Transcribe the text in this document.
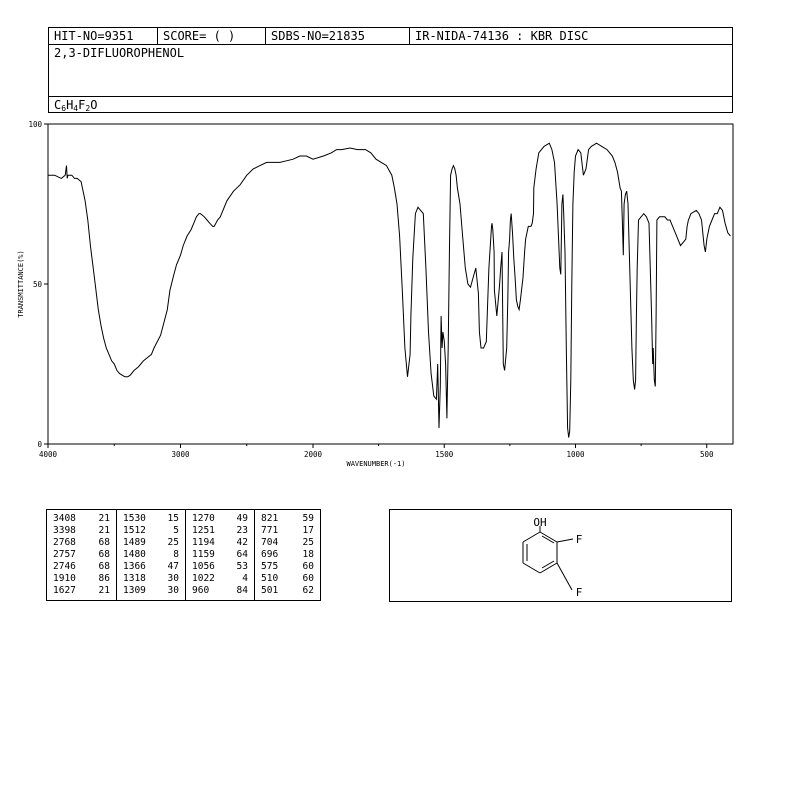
HIT-NO=9351	SCORE= ( )	SDBS-NO=21835	IR-NIDA-74136 : KBR DISC
2,3-DIFLUOROPHENOL
$C_6H_4F_2O$
4000	3000	2000	1500	1000	500
0
50
100
WAVENUMBER(-1)
TRANSMITTANCE(%)
3408 21
3398 21
2768 68
2757 68
2746 68
1910 86
1627 21
1530 15
1512	5
1489 25
1480	8
1366 47
1318 30
1309 30
1270 49
1251 23
1194 42
1159 64
1056 53
1022	4
960	84
821	59
771	17
704	25
696	18
575	60
510	60
501	62
OH
F
F
